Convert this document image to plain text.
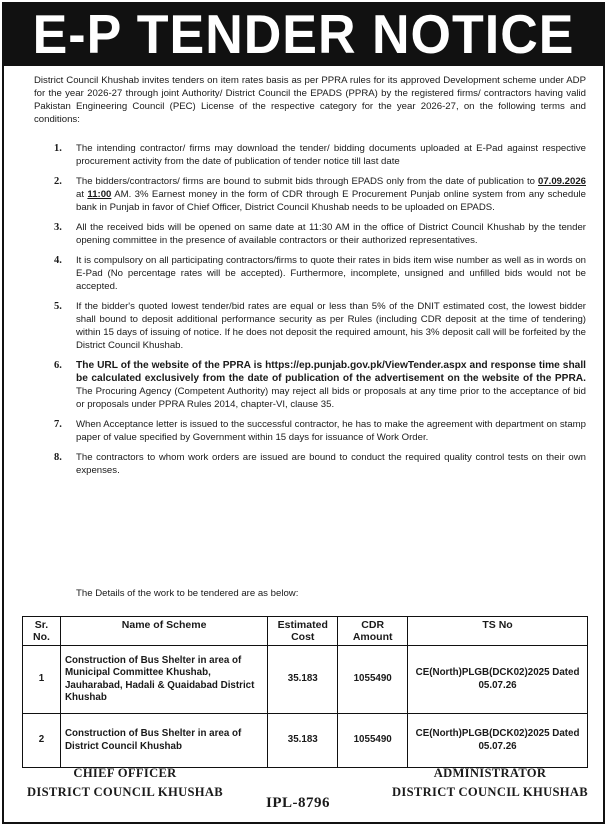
E-P TENDER NOTICE
District Council Khushab invites tenders on item rates basis as per PPRA rules for its approved Development scheme under ADP for the year 2026-27 through joint Authority/ District Council the EPADS (PPRA) by the registered firms/ contractors having valid Pakistan Engineering Council (PEC) License of the respective category for the year 2026-27, on the following terms and conditions:
1.	The intending contractor/ firms may download the tender/ bidding documents uploaded at E-Pad against respective procurement activity from the date of publication of tender notice till last date
2.	The bidders/contractors/ firms are bound to submit bids through EPADS only from the date of publication to 07.09.2026 at 11:00 AM. 3% Earnest money in the form of CDR through E Procurement Punjab online system from any schedule bank in Punjab in favor of Chief Officer, District Council Khushab needs to be uploaded on EPADS.
3.	All the received bids will be opened on same date at 11:30 AM in the office of District Council Khushab by the tender opening committee in the presence of available contractors or their authorized representatives.
4.	It is compulsory on all participating contractors/firms to quote their rates in bids item wise number as well as in words on E-Pad (No percentage rates will be accepted). Furthermore, incomplete, unsigned and unfilled bids would not be accepted.
5.	If the bidder's quoted lowest tender/bid rates are equal or less than 5% of the DNIT estimated cost, the lowest bidder shall bound to deposit additional performance security as per Rules (including CDR deposit at the time of tendering) within 15 days of issuing of notice. If he does not deposit the required amount, his 3% deposit call will be forfeited by the District Council Khushab.
6.	The URL of the website of the PPRA is https://ep.punjab.gov.pk/ViewTender.aspx and response time shall be calculated exclusively from the date of publication of the advertisement on the website of the PPRA. The Procuring Agency (Competent Authority) may reject all bids or proposals at any time prior to the acceptance of bid or proposals under PPRA Rules 2014, chapter-VI, clause 35.
7.	When Acceptance letter is issued to the successful contractor, he has to make the agreement with department on stamp paper of value specified by Government within 15 days for issuance of Work Order.
8.	The contractors to whom work orders are issued are bound to conduct the required quality control tests on their own expenses.
The Details of the work to be tendered are as below:
Sr. No.	Name of Scheme	Estimated Cost	CDR Amount	TS No
1	Construction of Bus Shelter in area of Municipal Committee Khushab, Jauharabad, Hadali & Quaidabad District Khushab	35.183	1055490	CE(North)PLGB(DCK02)2025 Dated 05.07.26
2	Construction of Bus Shelter in area of District Council Khushab	35.183	1055490	CE(North)PLGB(DCK02)2025 Dated 05.07.26
CHIEF OFFICER
DISTRICT COUNCIL KHUSHAB
IPL-8796
ADMINISTRATOR
DISTRICT COUNCIL KHUSHAB
